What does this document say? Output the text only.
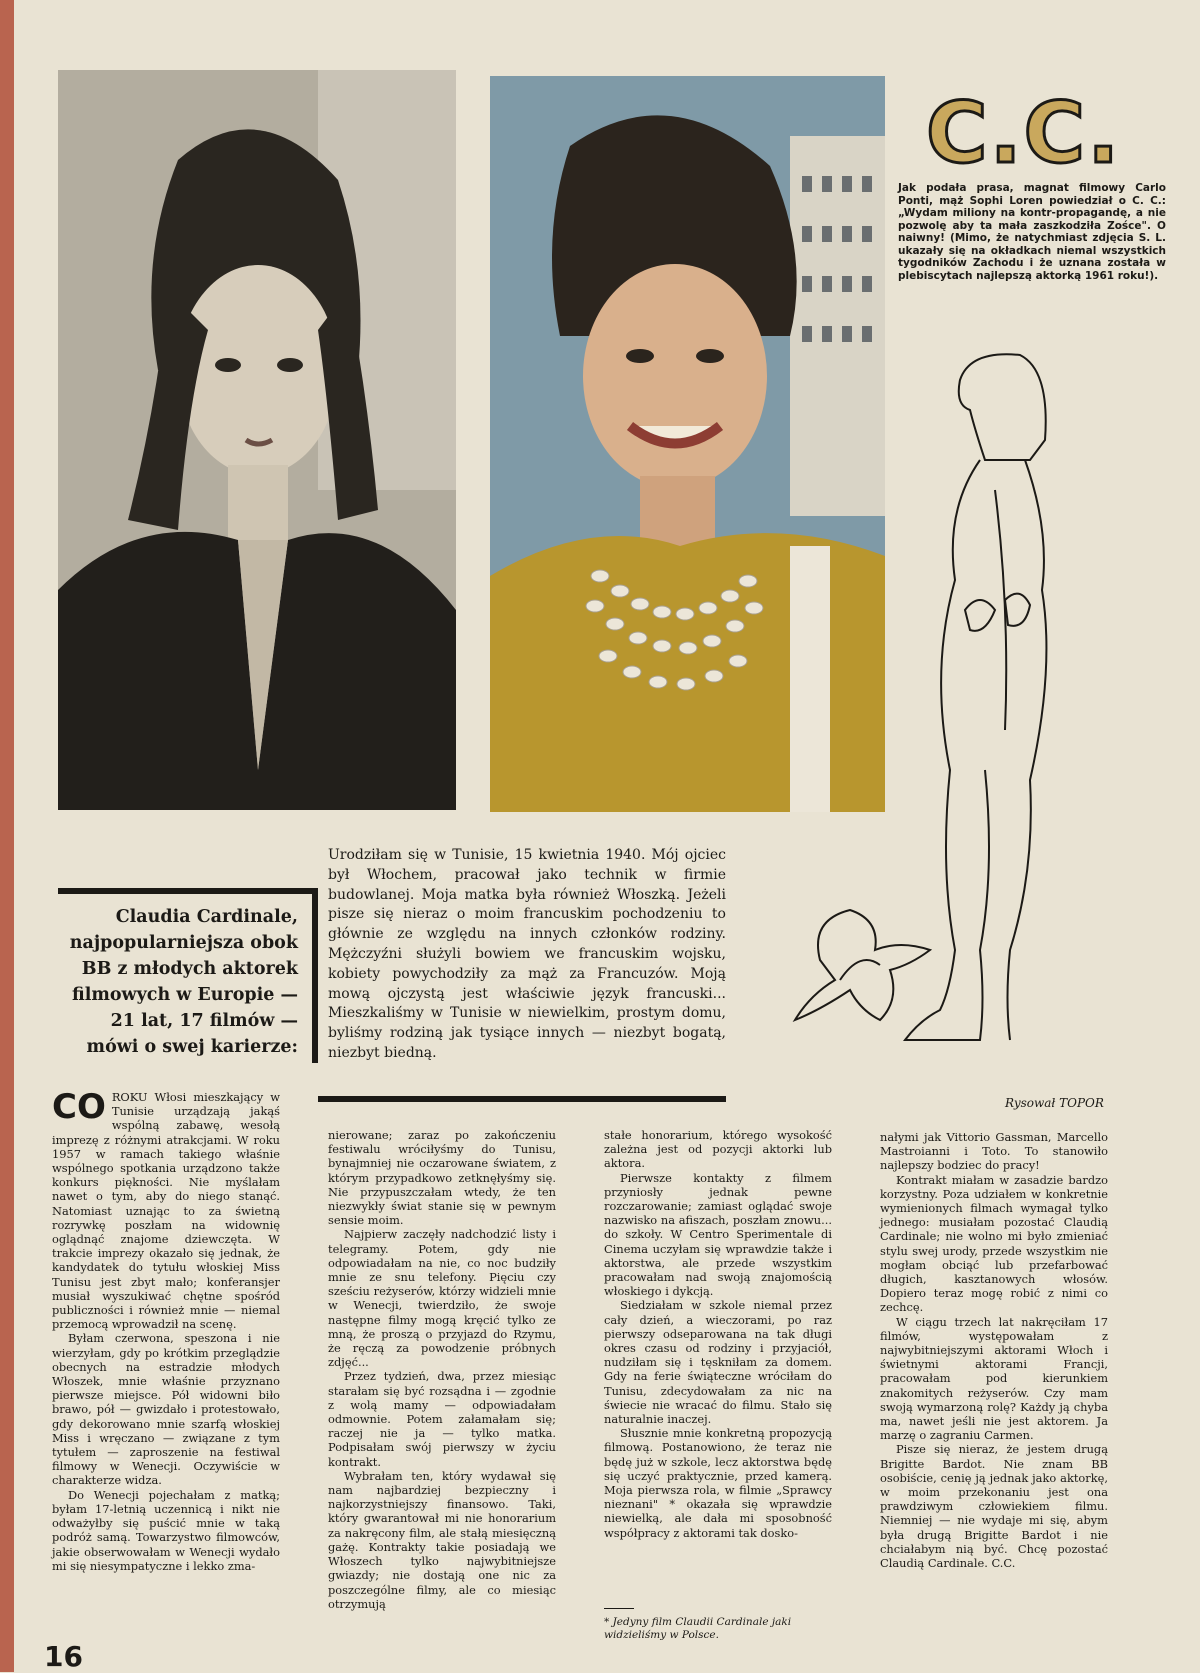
C.C.
Jak podała prasa, magnat filmowy Carlo Ponti, mąż Sophi Loren powiedział o C. C.: „Wydam miliony na kontr-propagandę, a nie pozwolę aby ta mała zaszkodziła Zośce". O naiwny! (Mimo, że natychmiast zdjęcia S. L. ukazały się na okładkach niemal wszystkich tygodników Zachodu i że uznana została w plebiscytach najlepszą aktorką 1961 roku!).
Rysował TOPOR
Claudia Cardinale, najpopularniejsza obok BB z młodych aktorek filmowych w Europie — 21 lat, 17 filmów — mówi o swej karierze:
Urodziłam się w Tunisie, 15 kwietnia 1940. Mój ojciec był Włochem, pracował jako technik w firmie budowlanej. Moja matka była również Włoszką. Jeżeli pisze się nieraz o moim francuskim pochodzeniu to głównie ze względu na innych członków rodziny. Mężczyźni służyli bowiem we francuskim wojsku, kobiety powychodziły za mąż za Francuzów. Moją mową ojczystą jest właściwie język francuski... Mieszkaliśmy w Tunisie w niewielkim, prostym domu, byliśmy rodziną jak tysiące innych — niezbyt bogatą, niezbyt biedną.

CO ROKU Włosi mieszkający w Tunisie urządzają jakąś wspólną zabawę, wesołą imprezę z różnymi atrakcjami. W roku 1957 w ramach takiego właśnie wspólnego spotkania urządzono także konkurs piękności. Nie myślałam nawet o tym, aby do niego stanąć. Natomiast uznając to za świetną rozrywkę poszłam na widownię oglądnąć znajome dziewczęta. W trakcie imprezy okazało się jednak, że kandydatek do tytułu włoskiej Miss Tunisu jest zbyt mało; konferansjer musiał wyszukiwać chętne spośród publiczności i również mnie — niemal przemocą wprowadził na scenę.

Byłam czerwona, speszona i nie wierzyłam, gdy po krótkim przeglądzie obecnych na estradzie młodych Włoszek, mnie właśnie przyznano pierwsze miejsce. Pół widowni biło brawo, pół — gwizdało i protestowało, gdy dekorowano mnie szarfą włoskiej Miss i wręczano — związane z tym tytułem — zaproszenie na festiwal filmowy w Wenecji. Oczywiście w charakterze widza.

Do Wenecji pojechałam z matką; byłam 17-letnią uczennicą i nikt nie odważyłby się puścić mnie w taką podróż samą. Towarzystwo filmowców, jakie obserwowałam w Wenecji wydało mi się niesympatyczne i lekko zma-

nierowane; zaraz po zakończeniu festiwalu wróciłyśmy do Tunisu, bynajmniej nie oczarowane światem, z którym przypadkowo zetknęłyśmy się. Nie przypuszczałam wtedy, że ten niezwykły świat stanie się w pewnym sensie moim.

Najpierw zaczęły nadchodzić listy i telegramy. Potem, gdy nie odpowiadałam na nie, co noc budziły mnie ze snu telefony. Pięciu czy sześciu reżyserów, którzy widzieli mnie w Wenecji, twierdziło, że swoje następne filmy mogą kręcić tylko ze mną, że proszą o przyjazd do Rzymu, że ręczą za powodzenie próbnych zdjęć...

Przez tydzień, dwa, przez miesiąc starałam się być rozsądna i — zgodnie z wolą mamy — odpowiadałam odmownie. Potem załamałam się; raczej nie ja — tylko matka. Podpisałam swój pierwszy w życiu kontrakt.

Wybrałam ten, który wydawał się nam najbardziej bezpieczny i najkorzystniejszy finansowo. Taki, który gwarantował mi nie honorarium za nakręcony film, ale stałą miesięczną gażę. Kontrakty takie posiadają we Włoszech tylko najwybitniejsze gwiazdy; nie dostają one nic za poszczególne filmy, ale co miesiąc otrzymują

stałe honorarium, którego wysokość zależna jest od pozycji aktorki lub aktora.

Pierwsze kontakty z filmem przyniosły jednak pewne rozczarowanie; zamiast oglądać swoje nazwisko na afiszach, poszłam znowu... do szkoły. W Centro Sperimentale di Cinema uczyłam się wprawdzie także i aktorstwa, ale przede wszystkim pracowałam nad swoją znajomością włoskiego i dykcją.

Siedziałam w szkole niemal przez cały dzień, a wieczorami, po raz pierwszy odseparowana na tak długi okres czasu od rodziny i przyjaciół, nudziłam się i tęskniłam za domem. Gdy na ferie świąteczne wróciłam do Tunisu, zdecydowałam za nic na świecie nie wracać do filmu. Stało się naturalnie inaczej.

Słusznie mnie konkretną propozycją filmową. Postanowiono, że teraz nie będę już w szkole, lecz aktorstwa będę się uczyć praktycznie, przed kamerą. Moja pierwsza rola, w filmie „Sprawcy nieznani" * okazała się wprawdzie niewielką, ale dała mi sposobność współpracy z aktorami tak dosko-

nałymi jak Vittorio Gassman, Marcello Mastroianni i Toto. To stanowiło najlepszy bodziec do pracy!

Kontrakt miałam w zasadzie bardzo korzystny. Poza udziałem w konkretnie wymienionych filmach wymagał tylko jednego: musiałam pozostać Claudią Cardinale; nie wolno mi było zmieniać stylu swej urody, przede wszystkim nie mogłam obciąć lub przefarbować długich, kasztanowych włosów. Dopiero teraz mogę robić z nimi co zechcę.

W ciągu trzech lat nakręciłam 17 filmów, występowałam z najwybitniejszymi aktorami Włoch i świetnymi aktorami Francji, pracowałam pod kierunkiem znakomitych reżyserów. Czy mam swoją wymarzoną rolę? Każdy ją chyba ma, nawet jeśli nie jest aktorem. Ja marzę o zagraniu Carmen.

Pisze się nieraz, że jestem drugą Brigitte Bardot. Nie znam BB osobiście, cenię ją jednak jako aktorkę, w moim przekonaniu jest ona prawdziwym człowiekiem filmu. Niemniej — nie wydaje mi się, abym była drugą Brigitte Bardot i nie chciałabym nią być. Chcę pozostać Claudią Cardinale. C.C.

* Jedyny film Claudii Cardinale jaki widzieliśmy w Polsce.
16
